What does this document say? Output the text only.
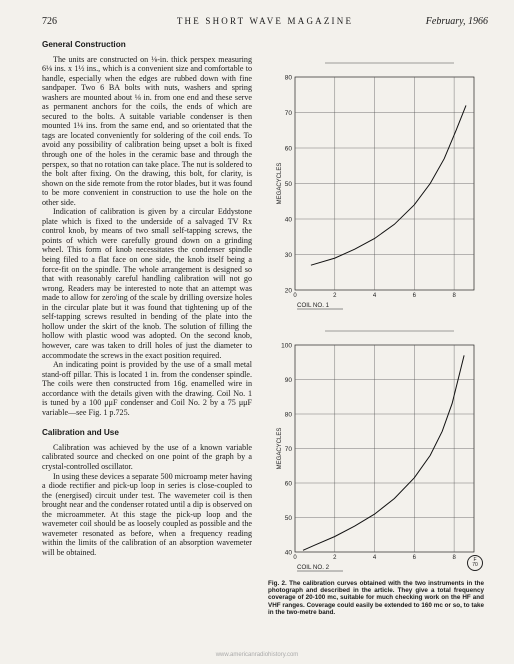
726	THE SHORT WAVE MAGAZINE	February, 1966
General Construction

The units are constructed on ⅛-in. thick perspex measuring 6⅛ ins. x 1½ ins., which is a convenient size and comfortable to handle, especially when the edges are rubbed down with fine sandpaper. Two 6 BA bolts with nuts, washers and spring washers are mounted about ⅛ in. from one end and these serve as permanent anchors for the coils, the ends of which are secured to the bolts. A suitable variable condenser is then mounted 1⅛ ins. from the same end, and so orientated that the tags are located conveniently for soldering of the coil ends. To avoid any possibility of calibration being upset a bolt is fixed through one of the holes in the ceramic base and through the perspex, so that no rotation can take place. The nut is soldered to the bolt after fixing. On the drawing, this bolt, for clarity, is shown on the side remote from the rotor blades, but it was found to be more convenient in construction to use the hole on the other side.

Indication of calibration is given by a circular Eddystone plate which is fixed to the underside of a salvaged TV Rx control knob, by means of two small self-tapping screws, the points of which were carefully ground down on a grinding wheel. This form of knob necessitates the condenser spindle being filed to a flat face on one side, the knob itself being a force-fit on the spindle. The whole arrangement is designed so that with reasonably careful handling calibration will not go wrong. Readers may be interested to note that an attempt was made to allow for zero'ing of the scale by drilling oversize holes in the circular plate but it was found that tightening up of the self-tapping screws resulted in bending of the plate into the hollow under the skirt of the knob. The solution of filling the hollow with plastic wood was adopted. On the second knob, however, care was taken to drill holes of just the diameter to accommodate the screws in the exact position required.

An indicating point is provided by the use of a small metal stand-off pillar. This is located 1 in. from the condenser spindle. The coils were then constructed from 16g. enamelled wire in accordance with the details given with the drawing. Coil No. 1 is tuned by a 100 μμF condenser and Coil No. 2 by a 75 μμF variable—see Fig. 1 p.725.

Calibration and Use

Calibration was achieved by the use of a known variable calibrated source and checked on one point of the graph by a crystal-controlled oscillator.

In using these devices a separate 500 microamp meter having a diode rectifier and pick-up loop in series is close-coupled to the (energised) circuit under test. The wavemeter coil is then brought near and the condenser rotated until a dip is observed on the microammeter. At this stage the pick-up loop and the wavemeter coil should be as loosely coupled as possible and the wavemeter resonated as before, when a frequency reading within the limits of the calibration of an absorption wavemeter will be obtained.

20
30
40
50
60
70
80
0	2	4	6	8
COIL NO. 1
MEGACYCLES
40
50
60
70
80
90
100
0	2	4	6	8
COIL NO. 2
MEGACYCLES
F
70
Fig. 2. The calibration curves obtained with the two instruments in the photograph and described in the article. They give a total frequency coverage of 20-100 mc, suitable for much checking work on the HF and VHF ranges. Coverage could easily be extended to 160 mc or so, to take in the two-metre band.
www.americanradiohistory.com
